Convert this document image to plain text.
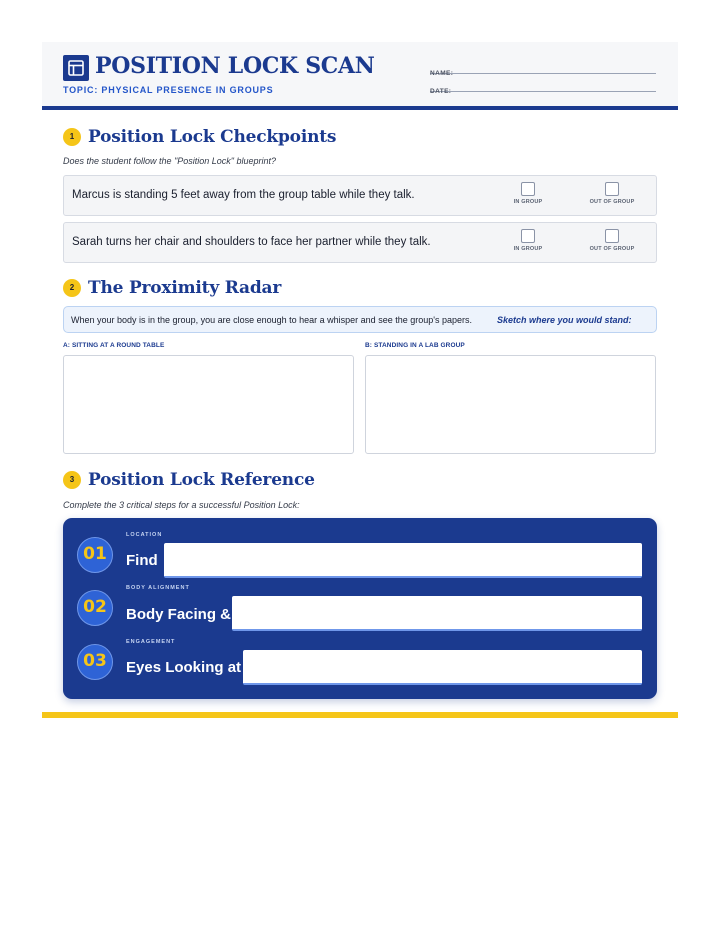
POSITION LOCK SCAN
TOPIC: PHYSICAL PRESENCE IN GROUPS
NAME:
DATE:
1 Position Lock Checkpoints
Does the student follow the "Position Lock" blueprint?
Marcus is standing 5 feet away from the group table while they talk.
IN GROUP	OUT OF GROUP
Sarah turns her chair and shoulders to face her partner while they talk.
IN GROUP	OUT OF GROUP
2 The Proximity Radar
When your body is in the group, you are close enough to hear a whisper and see the group's papers.	Sketch where you would stand:
A: SITTING AT A ROUND TABLE	B: STANDING IN A LAB GROUP
3 Position Lock Reference
Complete the 3 critical steps for a successful Position Lock:
01
LOCATION
Find
02
BODY ALIGNMENT
Body Facing &
03
ENGAGEMENT
Eyes Looking at
